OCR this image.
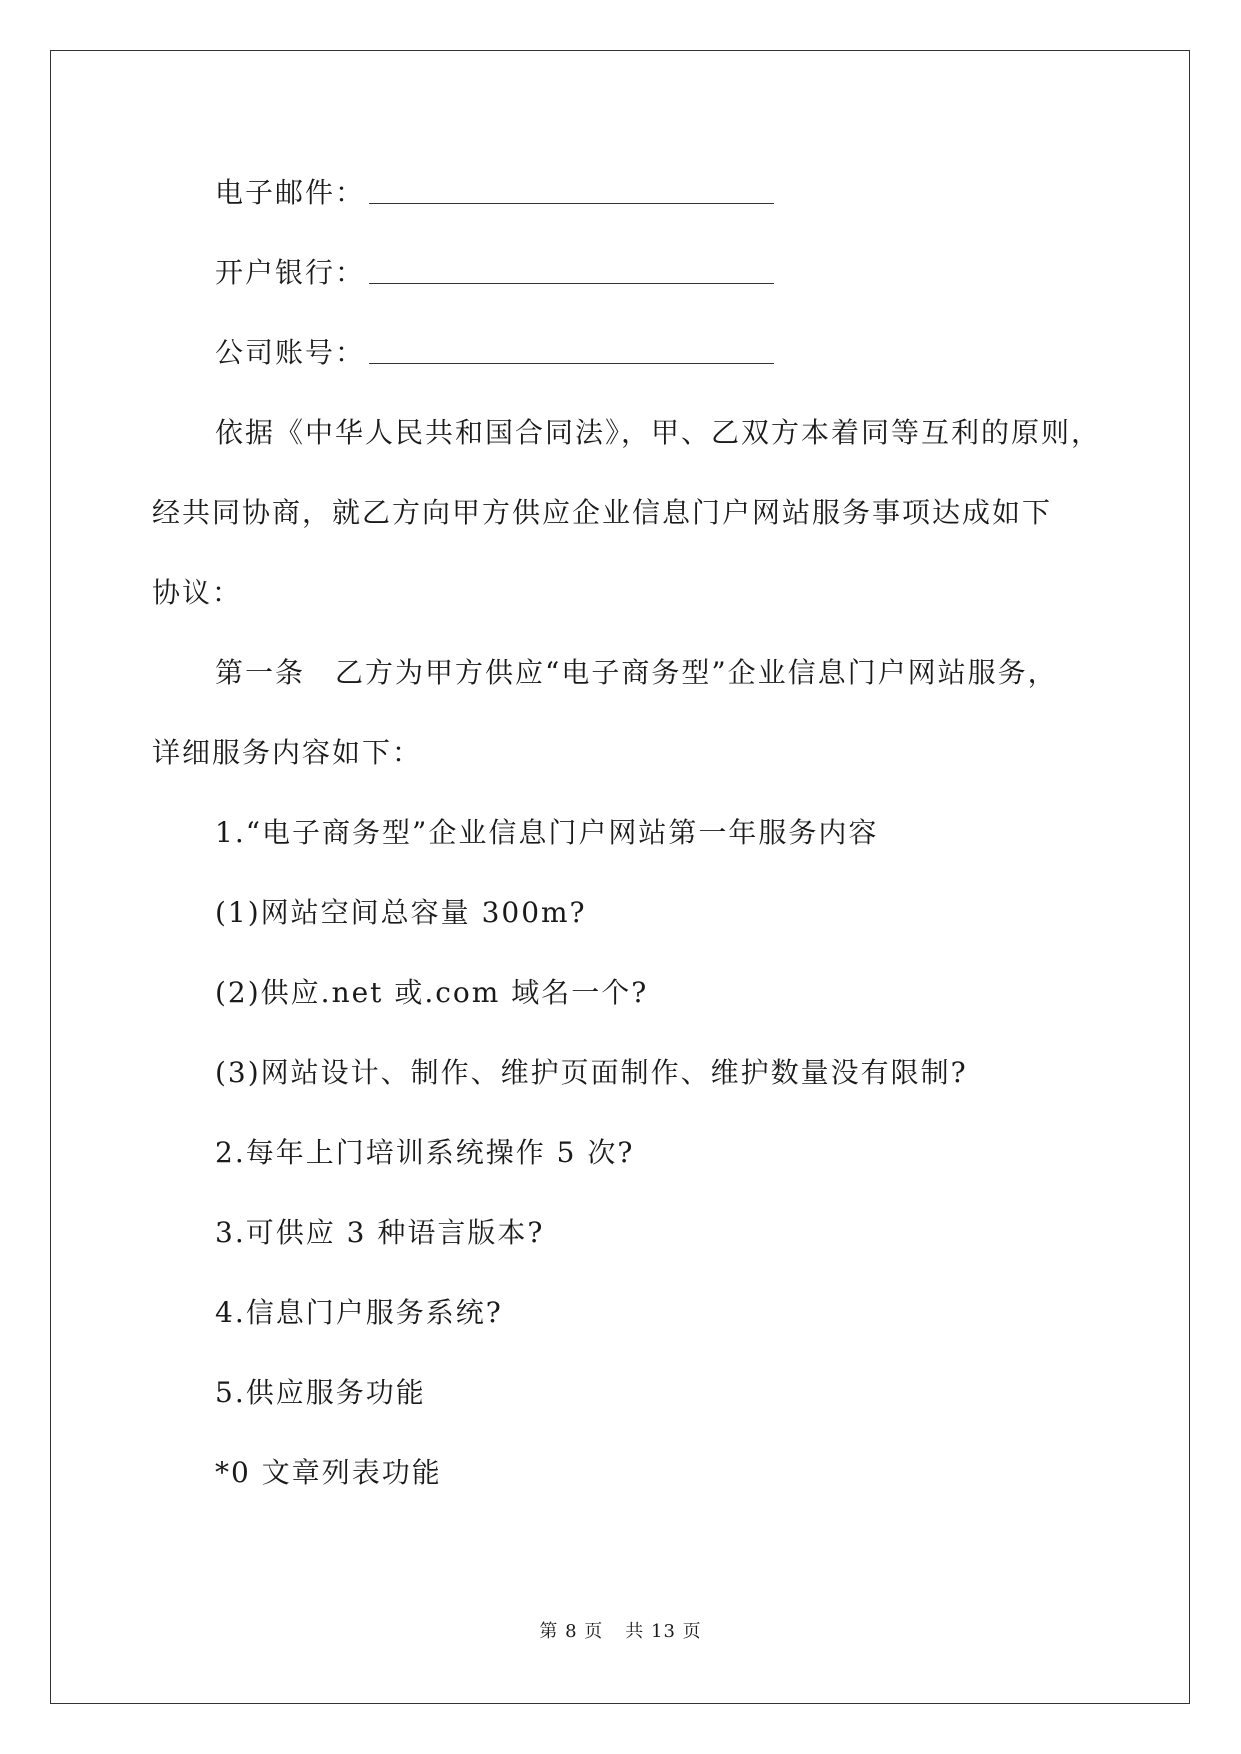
电子邮件：
开户银行：
公司账号：
依据《中华人民共和国合同法》，甲、乙双方本着同等互利的原则，
经共同协商，就乙方向甲方供应企业信息门户网站服务事项达成如下
协议：
第一条　乙方为甲方供应“电子商务型”企业信息门户网站服务，
详细服务内容如下：
1.“电子商务型”企业信息门户网站第一年服务内容
(1)网站空间总容量 300m?
(2)供应.net 或.com 域名一个?
(3)网站设计、制作、维护页面制作、维护数量没有限制?
2.每年上门培训系统操作 5 次?
3.可供应 3 种语言版本?
4.信息门户服务系统?
5.供应服务功能
*0 文章列表功能
第 8 页 共 13 页
